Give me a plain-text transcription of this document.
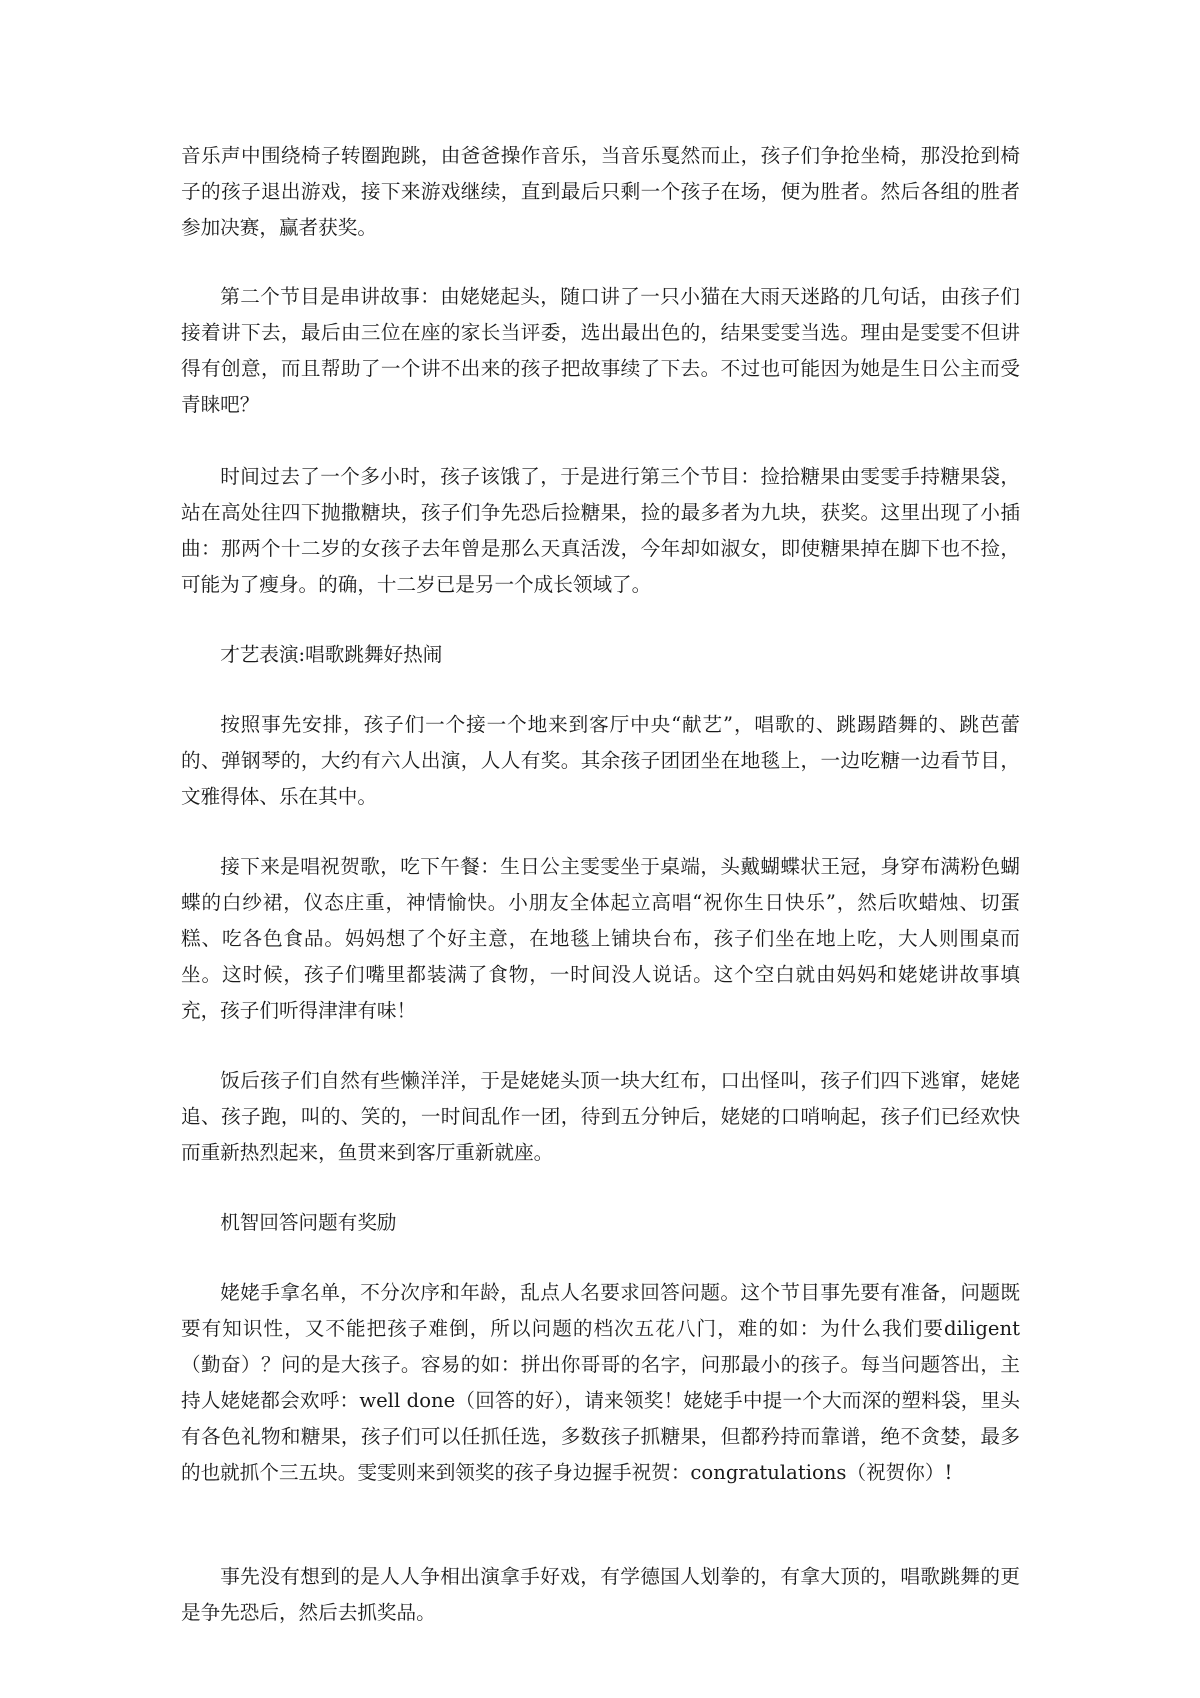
音乐声中围绕椅子转圈跑跳，由爸爸操作音乐，当音乐戛然而止，孩子们争抢坐椅，那没抢到椅子的孩子退出游戏，接下来游戏继续，直到最后只剩一个孩子在场，便为胜者。然后各组的胜者参加决赛，赢者获奖。

第二个节目是串讲故事：由姥姥起头，随口讲了一只小猫在大雨天迷路的几句话，由孩子们接着讲下去，最后由三位在座的家长当评委，选出最出色的，结果雯雯当选。理由是雯雯不但讲得有创意，而且帮助了一个讲不出来的孩子把故事续了下去。不过也可能因为她是生日公主而受青睐吧？

时间过去了一个多小时，孩子该饿了，于是进行第三个节目：捡拾糖果由雯雯手持糖果袋，站在高处往四下抛撒糖块，孩子们争先恐后捡糖果，捡的最多者为九块，获奖。这里出现了小插曲：那两个十二岁的女孩子去年曾是那么天真活泼，今年却如淑女，即使糖果掉在脚下也不捡，可能为了瘦身。的确，十二岁已是另一个成长领域了。

才艺表演:唱歌跳舞好热闹

按照事先安排，孩子们一个接一个地来到客厅中央“献艺”，唱歌的、跳踢踏舞的、跳芭蕾的、弹钢琴的，大约有六人出演，人人有奖。其余孩子团团坐在地毯上，一边吃糖一边看节目，文雅得体、乐在其中。

接下来是唱祝贺歌，吃下午餐：生日公主雯雯坐于桌端，头戴蝴蝶状王冠，身穿布满粉色蝴蝶的白纱裙，仪态庄重，神情愉快。小朋友全体起立高唱“祝你生日快乐”，然后吹蜡烛、切蛋糕、吃各色食品。妈妈想了个好主意，在地毯上铺块台布，孩子们坐在地上吃，大人则围桌而坐。这时候，孩子们嘴里都装满了食物，一时间没人说话。这个空白就由妈妈和姥姥讲故事填充，孩子们听得津津有味！

饭后孩子们自然有些懒洋洋，于是姥姥头顶一块大红布，口出怪叫，孩子们四下逃窜，姥姥追、孩子跑，叫的、笑的，一时间乱作一团，待到五分钟后，姥姥的口哨响起，孩子们已经欢快而重新热烈起来，鱼贯来到客厅重新就座。

机智回答问题有奖励

姥姥手拿名单，不分次序和年龄，乱点人名要求回答问题。这个节目事先要有准备，问题既要有知识性，又不能把孩子难倒，所以问题的档次五花八门，难的如：为什么我们要diligent（勤奋）？问的是大孩子。容易的如：拼出你哥哥的名字，问那最小的孩子。每当问题答出，主持人姥姥都会欢呼：well done（回答的好），请来领奖！姥姥手中提一个大而深的塑料袋，里头有各色礼物和糖果，孩子们可以任抓任选，多数孩子抓糖果，但都矜持而靠谱，绝不贪婪，最多的也就抓个三五块。雯雯则来到领奖的孩子身边握手祝贺：congratulations（祝贺你）!

事先没有想到的是人人争相出演拿手好戏，有学德国人划拳的，有拿大顶的，唱歌跳舞的更是争先恐后，然后去抓奖品。
